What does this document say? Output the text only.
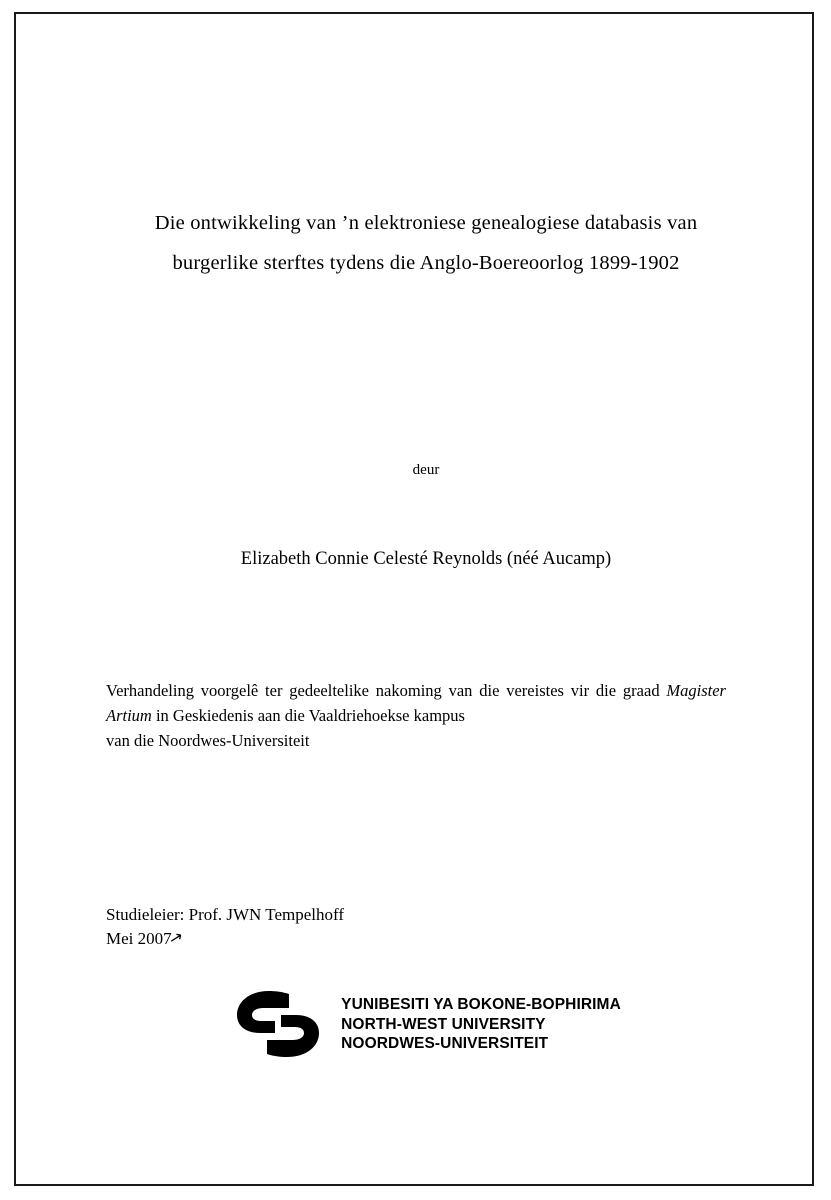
Die ontwikkeling van ’n elektroniese genealogiese databasis van
burgerlike sterftes tydens die Anglo-Boereoorlog 1899-1902
deur
Elizabeth Connie Celesté Reynolds (néé Aucamp)
Verhandeling voorgelê ter gedeeltelike nakoming van die vereistes vir die graad Magister Artium in Geskiedenis aan die Vaaldriehoekse kampus
van die Noordwes-Universiteit
Studieleier: Prof. JWN Tempelhoff
Mei 2007
↗
YUNIBESITI YA BOKONE-BOPHIRIMA
NORTH-WEST UNIVERSITY
NOORDWES-UNIVERSITEIT
